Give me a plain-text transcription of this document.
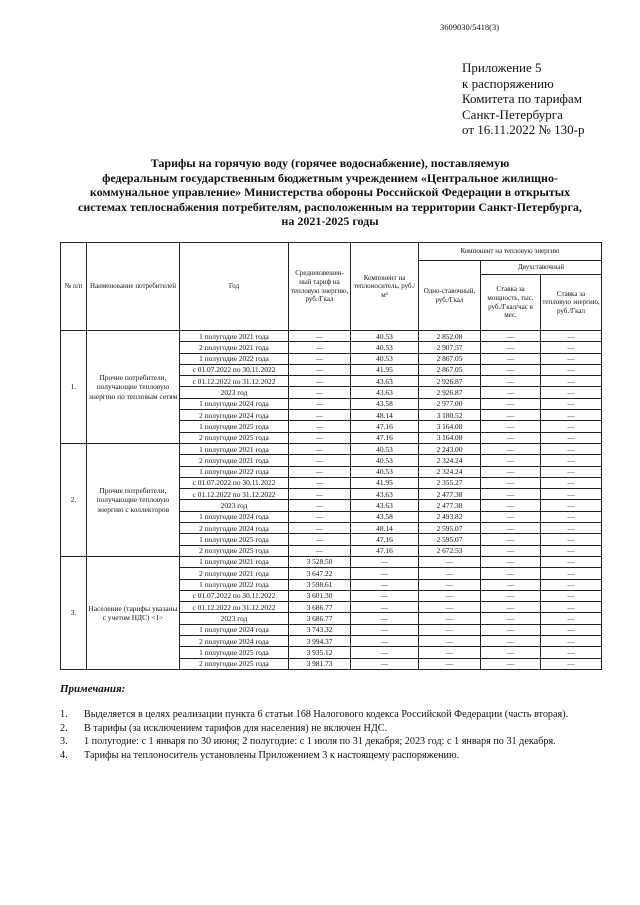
3609030/5418(3)
Приложение 5
к распоряжению
Комитета по тарифам
Санкт-Петербурга
от 16.11.2022 № 130-р
Тарифы на горячую воду (горячее водоснабжение), поставляемую
федеральным государственным бюджетным учреждением «Центральное жилищно-
коммунальное управление» Министерства обороны Российской Федерации в открытых
системах теплоснабжения потребителям, расположенным на территории Санкт-Петербурга,
на 2021-2025 годы
№ п/п	Наименование потребителей	Год	Средневзвешен-ный тариф на тепловую энергию, руб./Гкал	Компонент на теплоноситель, руб./м³	Компонент на тепловую энергию		
					Одно-ставочный, руб./Гкал	Двухставочный	
						Ставка за мощность, тыс. руб./Гкал/час в мес.	Ставка за тепловую энергию, руб./Гкал
1.	Прочие потребители, получающие тепловую энергию по тепловым сетям	1 полугодие 2021 года	—	40.53	2 852.08	—	—
		2 полугодие 2021 года	—	40.53	2 907.57	—	—
		1 полугодие 2022 года	—	40.53	2 867.05	—	—
		с 01.07.2022 по 30.11.2022	—	41.95	2 867.05	—	—
		с 01.12.2022 по 31.12.2022	—	43.63	2 926.87	—	—
		2023 год	—	43.63	2 926.87	—	—
		1 полугодие 2024 года	—	43.58	2 977.00	—	—
		2 полугодие 2024 года	—	48.14	3 180.52	—	—
		1 полугодие 2025 года	—	47.16	3 164.08	—	—
		2 полугодие 2025 года	—	47.16	3 164.08	—	—
2.	Прочие потребители, получающие тепловую энергию с коллекторов	1 полугодие 2021 года	—	40.53	2 243.00	—	—
		2 полугодие 2021 года	—	40.53	2 324.24	—	—
		1 полугодие 2022 года	—	40.53	2 324.24	—	—
		с 01.07.2022 по 30.11.2022	—	41.95	2 355.27	—	—
		с 01.12.2022 по 31.12.2022	—	43.63	2 477.38	—	—
		2023 год	—	43.63	2 477.38	—	—
		1 полугодие 2024 года	—	43.58	2 493.82	—	—
		2 полугодие 2024 года	—	48.14	2 595.07	—	—
		1 полугодие 2025 года	—	47.16	2 595.07	—	—
		2 полугодие 2025 года	—	47.16	2 672.53	—	—
3.	Население (тарифы указаны с учетом НДС) <1>	1 полугодие 2021 года	3 528.50	—	—	—	—
		2 полугодие 2021 года	3 647.22	—	—	—	—
		1 полугодие 2022 года	3 598.61	—	—	—	—
		с 01.07.2022 по 30.11.2022	3 601.30	—	—	—	—
		с 01.12.2022 по 31.12.2022	3 686.77	—	—	—	—
		2023 год	3 686.77	—	—	—	—
		1 полугодие 2024 года	3 743.32	—	—	—	—
		2 полугодие 2024 года	3 994.37	—	—	—	—
		1 полугодие 2025 года	3 935.12	—	—	—	—
		2 полугодие 2025 года	3 981.73	—	—	—	—
Примечания:
1.	Выделяется в целях реализации пункта 6 статьи 168 Налогового кодекса Российской Федерации (часть вторая).
2.	В тарифы (за исключением тарифов для населения) не включен НДС.
3.	1 полугодие: с 1 января по 30 июня; 2 полугодие: с 1 июля по 31 декабря; 2023 год: с 1 января по 31 декабря.
4.	Тарифы на теплоноситель установлены Приложением 3 к настоящему распоряжению.
